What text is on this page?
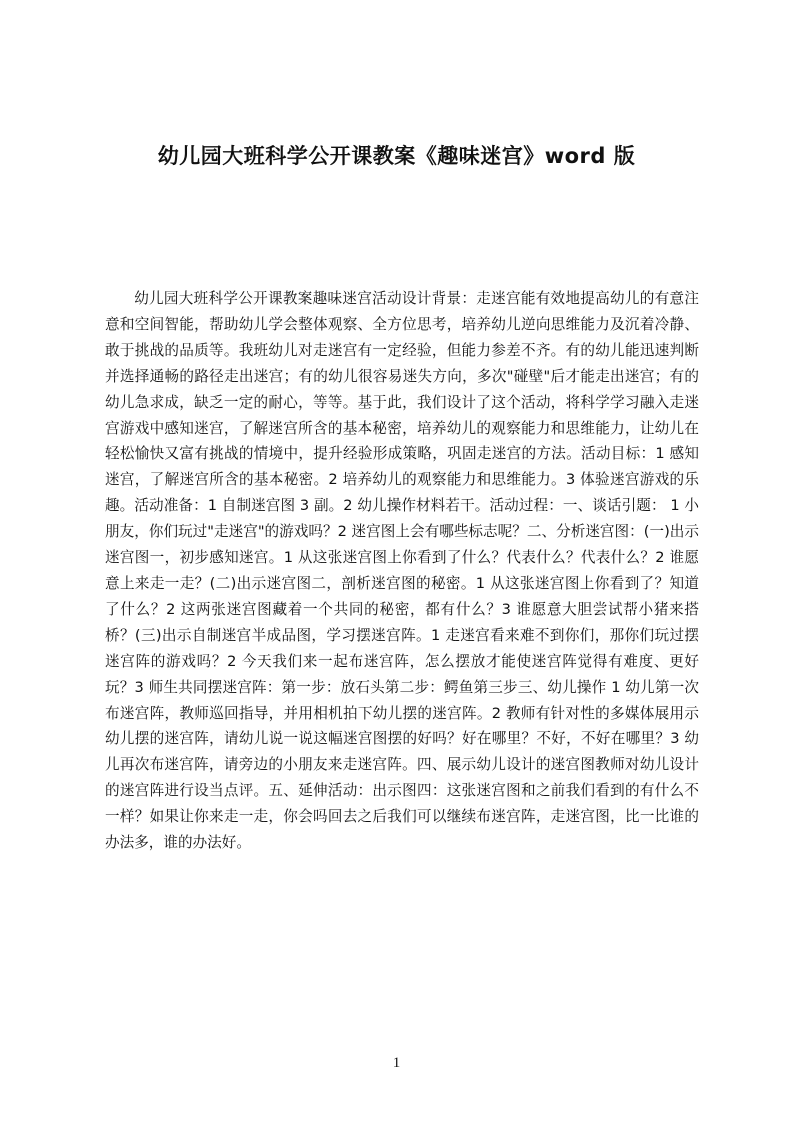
幼儿园大班科学公开课教案《趣味迷宫》word 版

幼儿园大班科学公开课教案趣味迷宫活动设计背景：走迷宫能有效地提高幼儿的有意注意和空间智能，帮助幼儿学会整体观察、全方位思考，培养幼儿逆向思维能力及沉着冷静、敢于挑战的品质等。我班幼儿对走迷宫有一定经验，但能力参差不齐。有的幼儿能迅速判断并选择通畅的路径走出迷宫；有的幼儿很容易迷失方向，多次"碰壁"后才能走出迷宫；有的幼儿急求成，缺乏一定的耐心，等等。基于此，我们设计了这个活动，将科学学习融入走迷宫游戏中感知迷宫，了解迷宫所含的基本秘密，培养幼儿的观察能力和思维能力，让幼儿在轻松愉快又富有挑战的情境中，提升经验形成策略，巩固走迷宫的方法。活动目标：1 感知迷宫，了解迷宫所含的基本秘密。2 培养幼儿的观察能力和思维能力。3 体验迷宫游戏的乐趣。活动准备：1 自制迷宫图 3 副。2 幼儿操作材料若干。活动过程：一、谈话引题： 1 小朋友，你们玩过"走迷宫"的游戏吗？2 迷宫图上会有哪些标志呢？二、分析迷宫图：(一)出示迷宫图一，初步感知迷宫。1 从这张迷宫图上你看到了什么？代表什么？代表什么？2 谁愿意上来走一走？(二)出示迷宫图二，剖析迷宫图的秘密。1 从这张迷宫图上你看到了？知道了什么？2 这两张迷宫图藏着一个共同的秘密，都有什么？3 谁愿意大胆尝试帮小猪来搭桥？(三)出示自制迷宫半成品图，学习摆迷宫阵。1 走迷宫看来难不到你们，那你们玩过摆迷宫阵的游戏吗？2 今天我们来一起布迷宫阵，怎么摆放才能使迷宫阵觉得有难度、更好玩？3 师生共同摆迷宫阵：第一步：放石头第二步：鳄鱼第三步三、幼儿操作 1 幼儿第一次布迷宫阵，教师巡回指导，并用相机拍下幼儿摆的迷宫阵。2 教师有针对性的多媒体展用示幼儿摆的迷宫阵，请幼儿说一说这幅迷宫图摆的好吗？好在哪里？不好，不好在哪里？3 幼儿再次布迷宫阵，请旁边的小朋友来走迷宫阵。四、展示幼儿设计的迷宫图教师对幼儿设计的迷宫阵进行设当点评。五、延伸活动：出示图四：这张迷宫图和之前我们看到的有什么不一样？如果让你来走一走，你会吗回去之后我们可以继续布迷宫阵，走迷宫图，比一比谁的办法多，谁的办法好。

1
